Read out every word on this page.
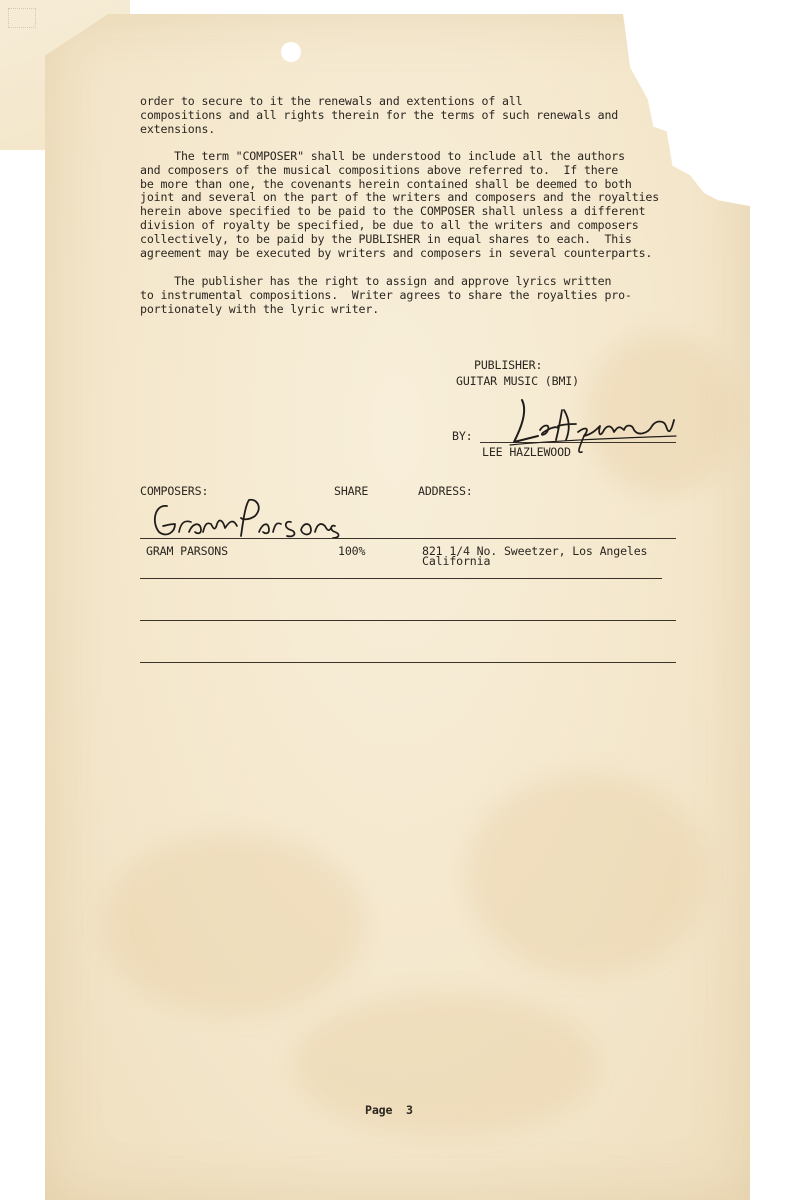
order to secure to it the renewals and extentions of all
compositions and all rights therein for the terms of such renewals and
extensions.
The term "COMPOSER" shall be understood to include all the authors
and composers of the musical compositions above referred to.  If there
be more than one, the covenants herein contained shall be deemed to both
joint and several on the part of the writers and composers and the royalties
herein above specified to be paid to the COMPOSER shall unless a different
division of royalty be specified, be due to all the writers and composers
collectively, to be paid by the PUBLISHER in equal shares to each.  This
agreement may be executed by writers and composers in several counterparts.
The publisher has the right to assign and approve lyrics written
to instrumental compositions.  Writer agrees to share the royalties pro-
portionately with the lyric writer.
PUBLISHER:
GUITAR MUSIC (BMI)
BY:
LEE HAZLEWOOD
COMPOSERS:	SHARE	ADDRESS:
GRAM PARSONS	100%	821 1/4 No. Sweetzer, Los Angeles
California
Page  3
